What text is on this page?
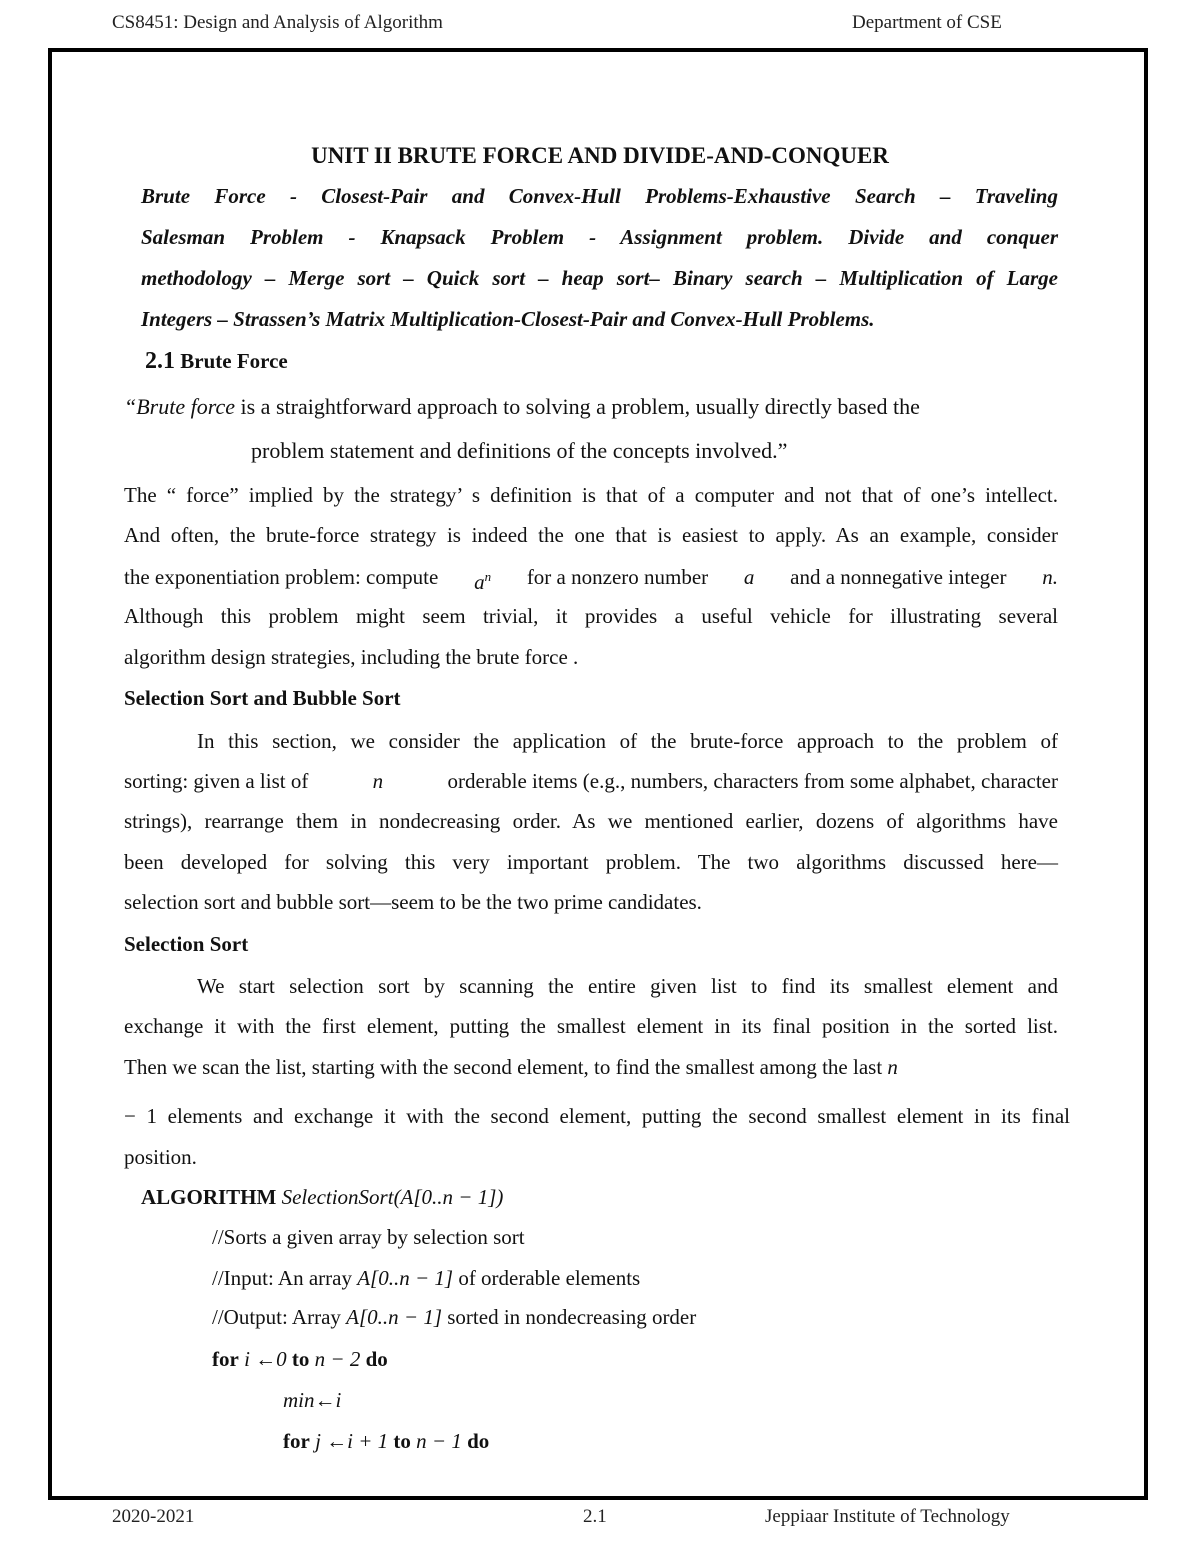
CS8451: Design and Analysis of Algorithm	Department of CSE
UNIT II BRUTE FORCE AND DIVIDE-AND-CONQUER
Brute Force - Closest-Pair and Convex-Hull Problems-Exhaustive Search – Traveling
Salesman Problem - Knapsack Problem - Assignment problem. Divide and conquer
methodology – Merge sort – Quick sort – heap sort– Binary search – Multiplication of Large
Integers – Strassen’s Matrix Multiplication-Closest-Pair and Convex-Hull Problems.
2.1 Brute Force
“Brute force is a straightforward approach to solving a problem, usually directly based the
problem statement and definitions of the concepts involved.”
The “ force” implied by the strategy’ s definition is that of a computer and not that of one’s intellect.
And often, the brute-force strategy is indeed the one that is easiest to apply. As an example, consider
the exponentiation problem: compute $a^n$ for a nonzero number a and a nonnegative integer n.
Although this problem might seem trivial, it provides a useful vehicle for illustrating several
algorithm design strategies, including the brute force .
Selection Sort and Bubble Sort
In this section, we consider the application of the brute-force approach to the problem of
sorting: given a list of	n	orderable items (e.g., numbers, characters from some alphabet, character
strings), rearrange them in nondecreasing order. As we mentioned earlier, dozens of algorithms have
been developed for solving this very important problem. The two algorithms discussed here—
selection sort and bubble sort—seem to be the two prime candidates.
Selection Sort
We start selection sort by scanning the entire given list to find its smallest element and
exchange it with the first element, putting the smallest element in its final position in the sorted list.
Then we scan the list, starting with the second element, to find the smallest among the last n
− 1 elements and exchange it with the second element, putting the second smallest element in its final
position.
ALGORITHM SelectionSort(A[0..n − 1])
//Sorts a given array by selection sort
//Input: An array A[0..n − 1] of orderable elements
//Output: Array A[0..n − 1] sorted in nondecreasing order
for i ←0 to n − 2 do
min←i
for j ←i + 1 to n − 1 do
2020-2021	2.1	Jeppiaar Institute of Technology
